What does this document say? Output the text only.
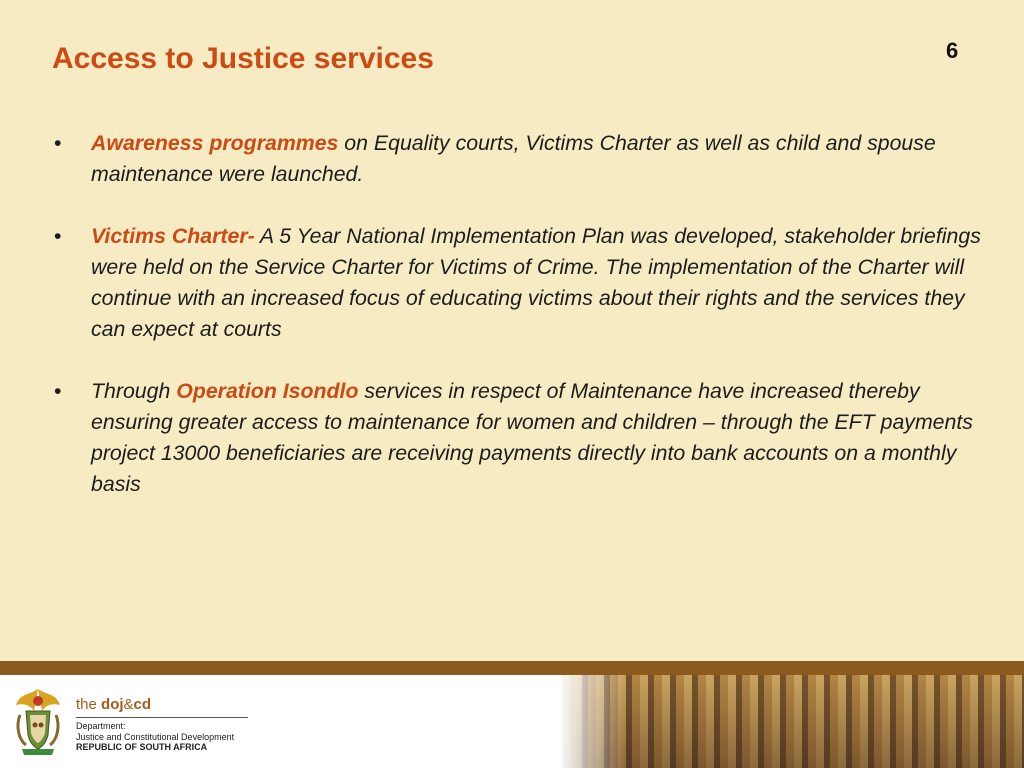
Access to Justice services	6
• Awareness programmes on Equality courts, Victims Charter as well as child and spouse maintenance were launched.
• Victims Charter- A 5 Year National Implementation Plan was developed, stakeholder briefings were held on the Service Charter for Victims of Crime. The implementation of the Charter will continue with an increased focus of educating victims about their rights and the services they can expect at courts
• Through Operation Isondlo services in respect of Maintenance have increased thereby ensuring greater access to maintenance for women and children – through the EFT payments project 13000 beneficiaries are receiving payments directly into bank accounts on a monthly basis
the doj&cd
Department:
Justice and Constitutional Development
REPUBLIC OF SOUTH AFRICA
